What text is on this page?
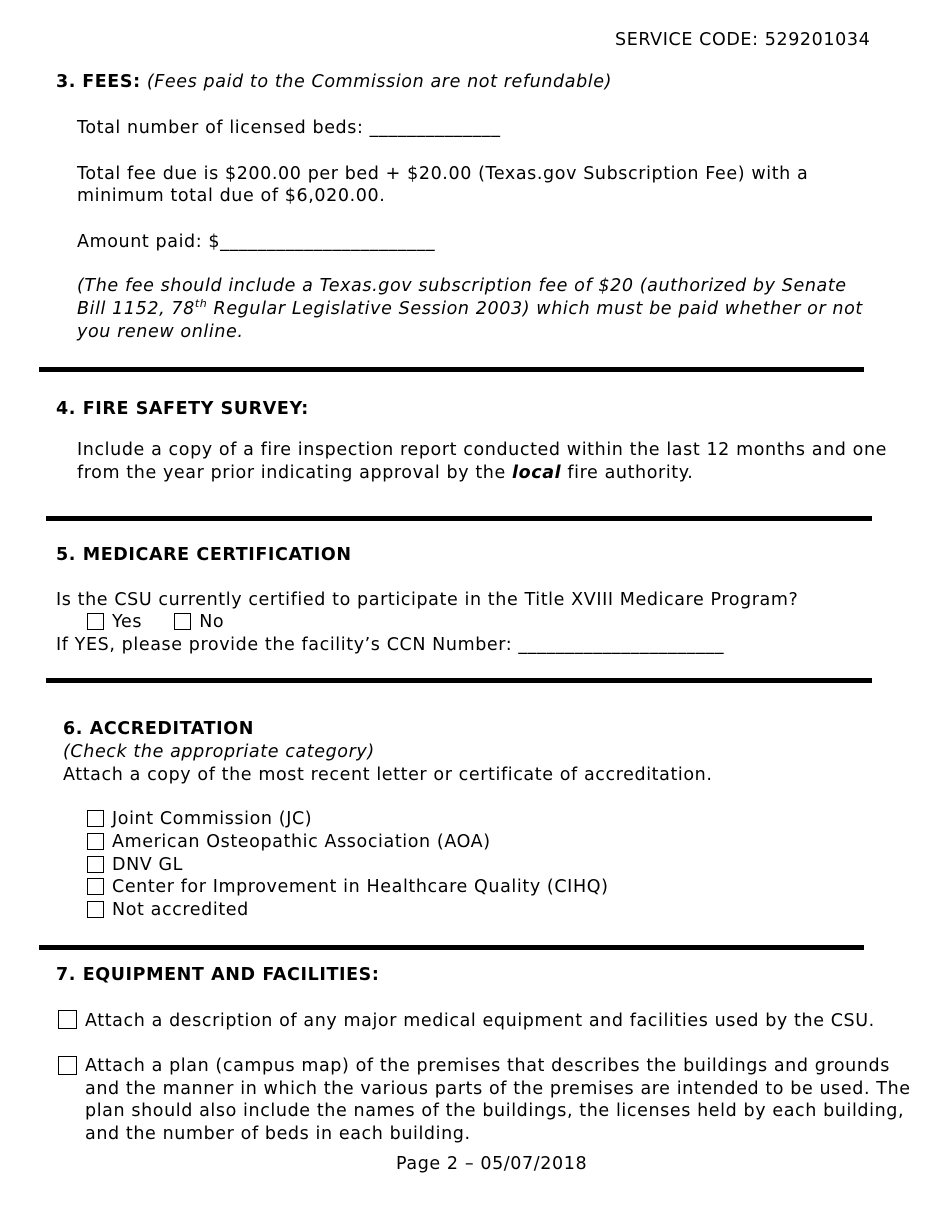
SERVICE CODE: 529201034
3. FEES: (Fees paid to the Commission are not refundable)
Total number of licensed beds: ______________
Total fee due is $200.00 per bed + $20.00 (Texas.gov Subscription Fee) with a
minimum total due of $6,020.00.
Amount paid: $_______________________
(The fee should include a Texas.gov subscription fee of $20 (authorized by Senate
Bill 1152, 78th Regular Legislative Session 2003) which must be paid whether or not
you renew online.
4. FIRE SAFETY SURVEY:
Include a copy of a fire inspection report conducted within the last 12 months and one
from the year prior indicating approval by the local fire authority.
5. MEDICARE CERTIFICATION
Is the CSU currently certified to participate in the Title XVIII Medicare Program?
Yes	No
If YES, please provide the facility’s CCN Number: ______________________
6. ACCREDITATION
(Check the appropriate category)
Attach a copy of the most recent letter or certificate of accreditation.
Joint Commission (JC)
American Osteopathic Association (AOA)
DNV GL
Center for Improvement in Healthcare Quality (CIHQ)
Not accredited
7. EQUIPMENT AND FACILITIES:
Attach a description of any major medical equipment and facilities used by the CSU.
Attach a plan (campus map) of the premises that describes the buildings and grounds
and the manner in which the various parts of the premises are intended to be used. The
plan should also include the names of the buildings, the licenses held by each building,
and the number of beds in each building.
Page 2 – 05/07/2018
